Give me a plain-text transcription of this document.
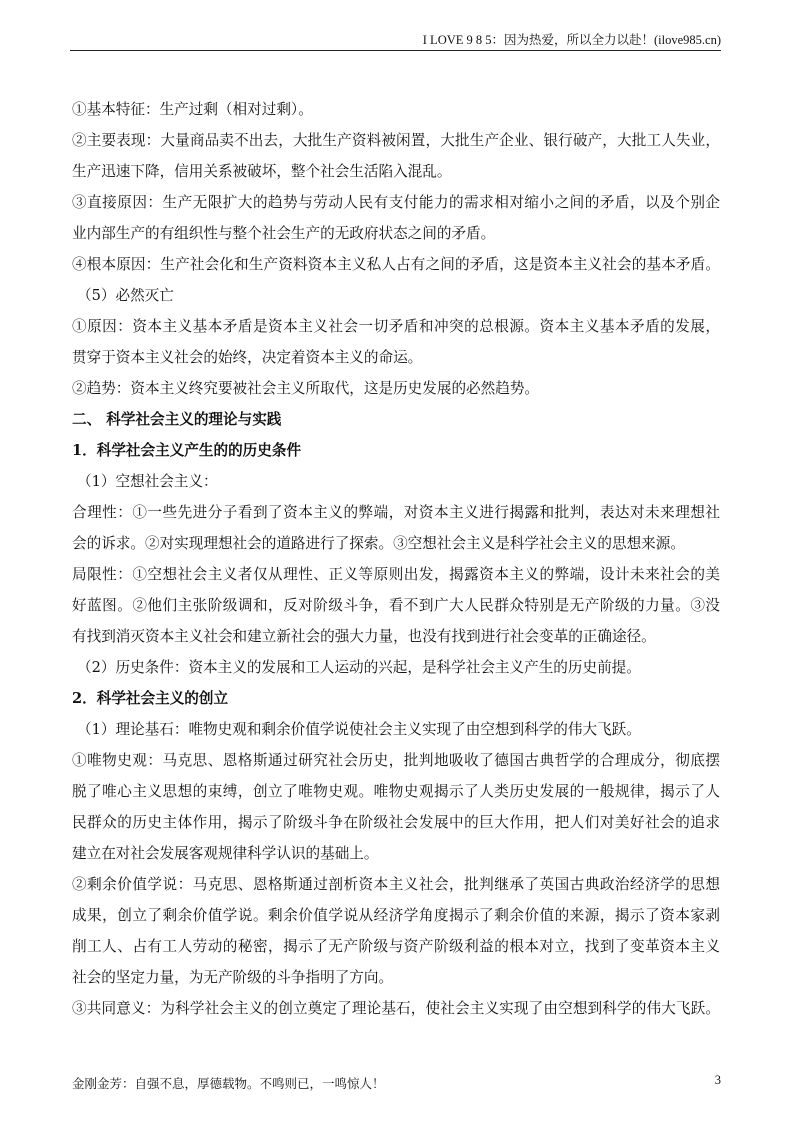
I LOVE 9 8 5：因为热爱，所以全力以赴！(ilove985.cn)
①基本特征：生产过剩（相对过剩）。
②主要表现：大量商品卖不出去，大批生产资料被闲置，大批生产企业、银行破产，大批工人失业，
生产迅速下降，信用关系被破坏，整个社会生活陷入混乱。
③直接原因：生产无限扩大的趋势与劳动人民有支付能力的需求相对缩小之间的矛盾，以及个别企
业内部生产的有组织性与整个社会生产的无政府状态之间的矛盾。
④根本原因：生产社会化和生产资料资本主义私人占有之间的矛盾，这是资本主义社会的基本矛盾。
（5）必然灭亡
①原因：资本主义基本矛盾是资本主义社会一切矛盾和冲突的总根源。资本主义基本矛盾的发展，
贯穿于资本主义社会的始终，决定着资本主义的命运。
②趋势：资本主义终究要被社会主义所取代，这是历史发展的必然趋势。
二、 科学社会主义的理论与实践
1．科学社会主义产生的的历史条件
（1）空想社会主义：
合理性：①一些先进分子看到了资本主义的弊端，对资本主义进行揭露和批判，表达对未来理想社
会的诉求。②对实现理想社会的道路进行了探索。③空想社会主义是科学社会主义的思想来源。
局限性：①空想社会主义者仅从理性、正义等原则出发，揭露资本主义的弊端，设计未来社会的美
好蓝图。②他们主张阶级调和，反对阶级斗争，看不到广大人民群众特别是无产阶级的力量。③没
有找到消灭资本主义社会和建立新社会的强大力量，也没有找到进行社会变革的正确途径。
（2）历史条件：资本主义的发展和工人运动的兴起，是科学社会主义产生的历史前提。
2．科学社会主义的创立
（1）理论基石：唯物史观和剩余价值学说使社会主义实现了由空想到科学的伟大飞跃。
①唯物史观：马克思、恩格斯通过研究社会历史，批判地吸收了德国古典哲学的合理成分，彻底摆
脱了唯心主义思想的束缚，创立了唯物史观。唯物史观揭示了人类历史发展的一般规律，揭示了人
民群众的历史主体作用，揭示了阶级斗争在阶级社会发展中的巨大作用，把人们对美好社会的追求
建立在对社会发展客观规律科学认识的基础上。
②剩余价值学说：马克思、恩格斯通过剖析资本主义社会，批判继承了英国古典政治经济学的思想
成果，创立了剩余价值学说。剩余价值学说从经济学角度揭示了剩余价值的来源，揭示了资本家剥
削工人、占有工人劳动的秘密，揭示了无产阶级与资产阶级利益的根本对立，找到了变革资本主义
社会的坚定力量，为无产阶级的斗争指明了方向。
③共同意义：为科学社会主义的创立奠定了理论基石，使社会主义实现了由空想到科学的伟大飞跃。
金刚金芳：自强不息，厚德载物。不鸣则已，一鸣惊人！	3
